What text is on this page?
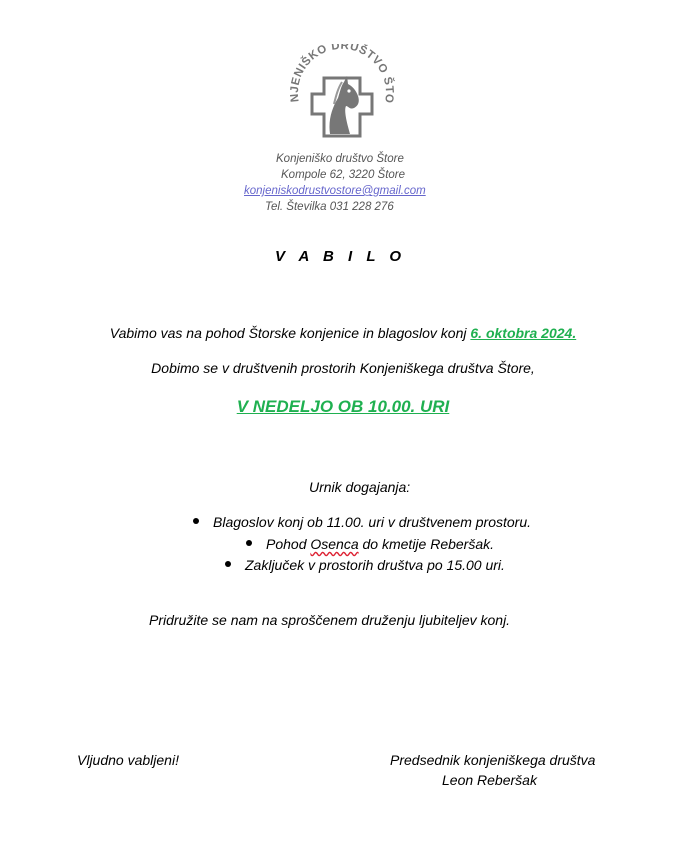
NJENIŠKO DRUŠTVO ŠTO
Konjeniško društvo Štore
Kompole 62, 3220 Štore
konjeniskodrustvostore@gmail.com
Tel. Številka 031 228 276
V A B I L O
Vabimo vas na pohod Štorske konjenice in blagoslov konj 6. oktobra 2024.
Dobimo se v društvenih prostorih Konjeniškega društva Štore,
V NEDELJO OB 10.00. URI
Urnik dogajanja:
Blagoslov konj ob 11.00. uri v društvenem prostoru.
Pohod Osenca do kmetije Reberšak.
Zaključek v prostorih društva po 15.00 uri.
Pridružite se nam na sproščenem druženju ljubiteljev konj.
Vljudno vabljeni!	Predsednik konjeniškega društva
Leon Reberšak
